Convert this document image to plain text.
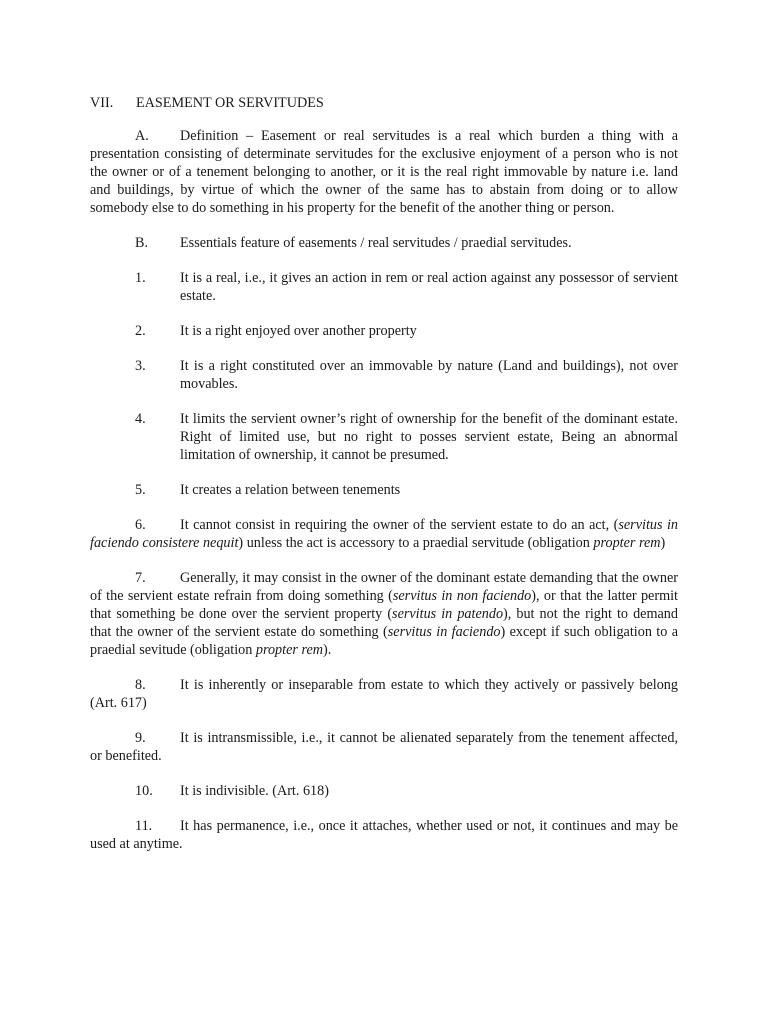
VII.	EASEMENT OR SERVITUDES
A. Definition – Easement or real servitudes is a real which burden a thing with a presentation consisting of determinate servitudes for the exclusive enjoyment of a person who is not the owner or of a tenement belonging to another, or it is the real right immovable by nature i.e. land and buildings, by virtue of which the owner of the same has to abstain from doing or to allow somebody else to do something in his property for the benefit of the another thing or person.
B.	Essentials feature of easements / real servitudes / praedial servitudes.
1.	It is a real, i.e., it gives an action in rem or real action against any possessor of servient estate.
2.	It is a right enjoyed over another property
3.	It is a right constituted over an immovable by nature (Land and buildings), not over movables.
4.	It limits the servient owner’s right of ownership for the benefit of the dominant estate. Right of limited use, but no right to posses servient estate, Being an abnormal limitation of ownership, it cannot be presumed.
5.	It creates a relation between tenements
6. It cannot consist in requiring the owner of the servient estate to do an act, (servitus in faciendo consistere nequit) unless the act is accessory to a praedial servitude (obligation propter rem)
7. Generally, it may consist in the owner of the dominant estate demanding that the owner of the servient estate refrain from doing something (servitus in non faciendo), or that the latter permit that something be done over the servient property (servitus in patendo), but not the right to demand that the owner of the servient estate do something (servitus in faciendo) except if such obligation to a praedial sevitude (obligation propter rem).
8. It is inherently or inseparable from estate to which they actively or passively belong (Art. 617)
9. It is intransmissible, i.e., it cannot be alienated separately from the tenement affected, or benefited.
10. It is indivisible. (Art. 618)
11. It has permanence, i.e., once it attaches, whether used or not, it continues and may be used at anytime.
